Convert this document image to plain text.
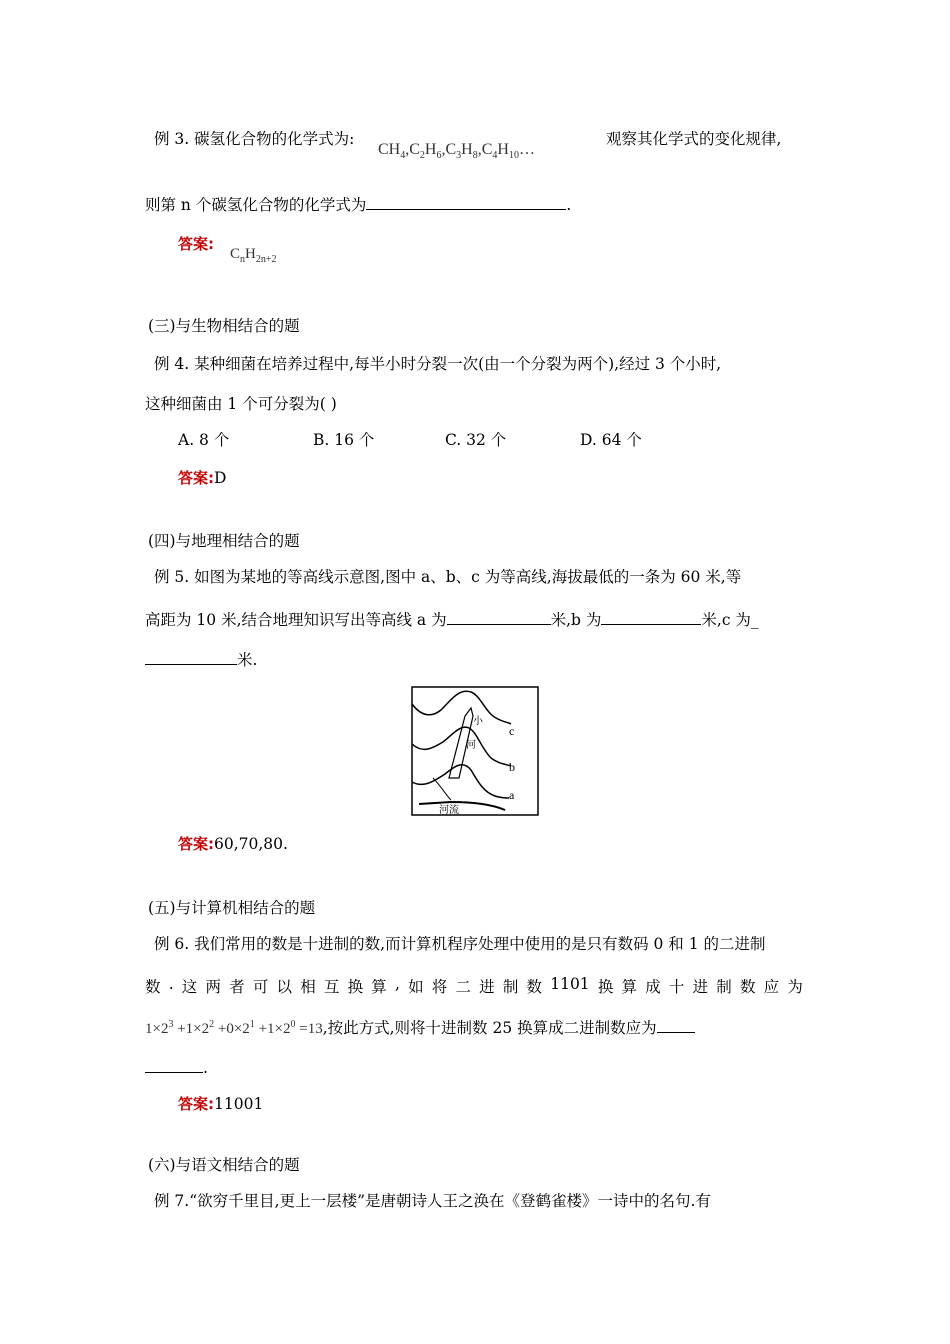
例 3. 碳氢化合物的化学式为:
$CH_4,C_2H_6,C_3H_8,C_4H_{10}\dots$
观察其化学式的变化规律,
则第 n 个碳氢化合物的化学式为	.
答案:
$C_nH_{2n+2}$
(三)与生物相结合的题
例 4. 某种细菌在培养过程中,每半小时分裂一次(由一个分裂为两个),经过 3 个小时,
这种细菌由 1 个可分裂为( )
A. 8 个	B. 16 个	C. 32 个	D. 64 个
答案:D
(四)与地理相结合的题
例 5. 如图为某地的等高线示意图,图中 a、b、c 为等高线,海拔最低的一条为 60 米,等
高距为 10 米,结合地理知识写出等高线 a 为	米,b 为	米,c 为_
米.
c
b
a
小
河
河流
答案:60,70,80.
(五)与计算机相结合的题
例 6. 我们常用的数是十进制的数,而计算机程序处理中使用的是只有数码 0 和 1 的二进制
数 . 这 两 者 可 以 相 互 换 算 , 如 将 二 进 制 数 1101 换 算 成 十 进 制 数 应 为
$1\times 2^3 +1\times 2^2 +0\times 2^1 +1\times 2^0 =13$,按此方式,则将十进制数 25 换算成二进制数应为
.
答案:11001
(六)与语文相结合的题
例 7.“欲穷千里目,更上一层楼”是唐朝诗人王之涣在《登鹤雀楼》一诗中的名句.有
